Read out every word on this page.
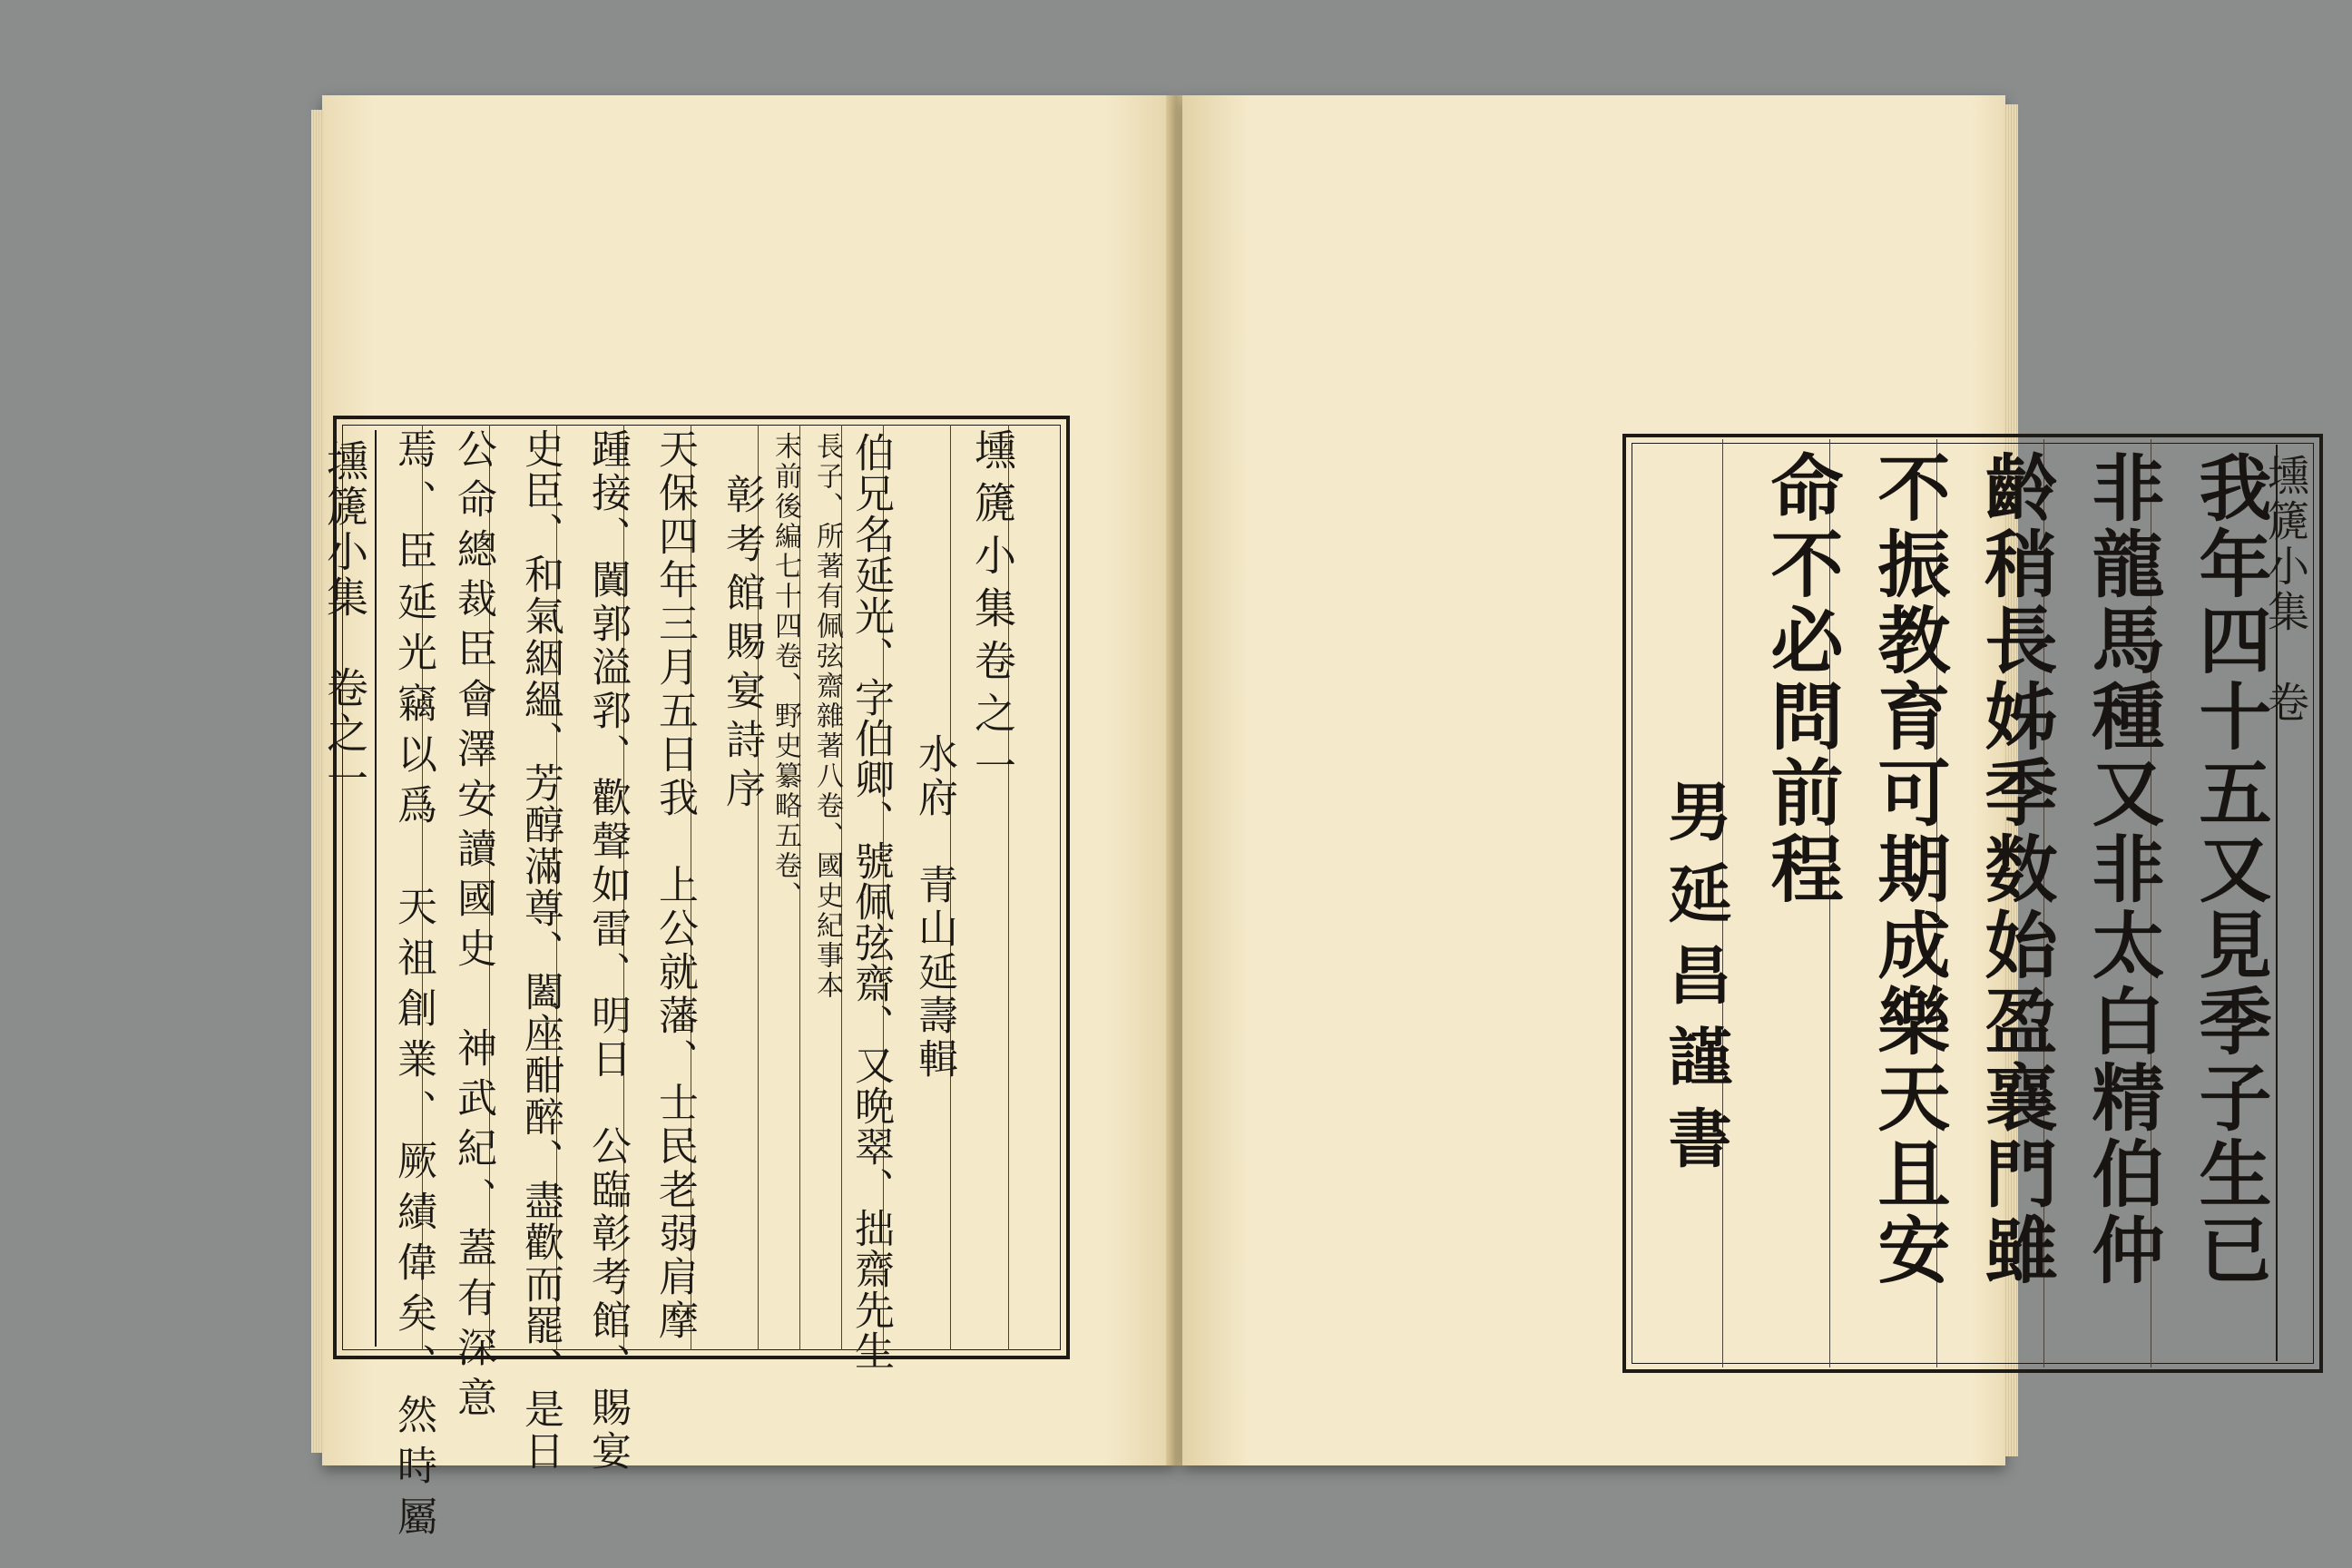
壎篪小集　卷之一 焉、臣延光竊以爲　天祖創業、厥績偉矣、然時屬 公命總裁臣會澤安讀國史　神武紀、蓋有深意 史臣、和氣絪縕、芳醇滿尊、闔座酣醉、盡歡而罷、是日 踵接、闐郭溢郛、歡聲如雷、明日　公臨彰考館、賜宴 天保四年三月五日我　上公就藩、士民老弱肩摩 彰考館賜宴詩序 末前後編七十四卷、野史纂略五卷、 長子、所著有佩弦齋雜著八卷、國史紀事本 伯兄名延光、字伯卿、號佩弦齋、又晩翠、拙齋先生 　　　　　　　水府　青山延壽輯 壎篪小集卷之一	壎篪小集　卷
命不必問前程 不振教育可期成樂天且安 齡稍長姊季数始盈襄門雖 非龍馬種又非太白精伯仲 我年四十五又見季子生已
男延昌謹書
